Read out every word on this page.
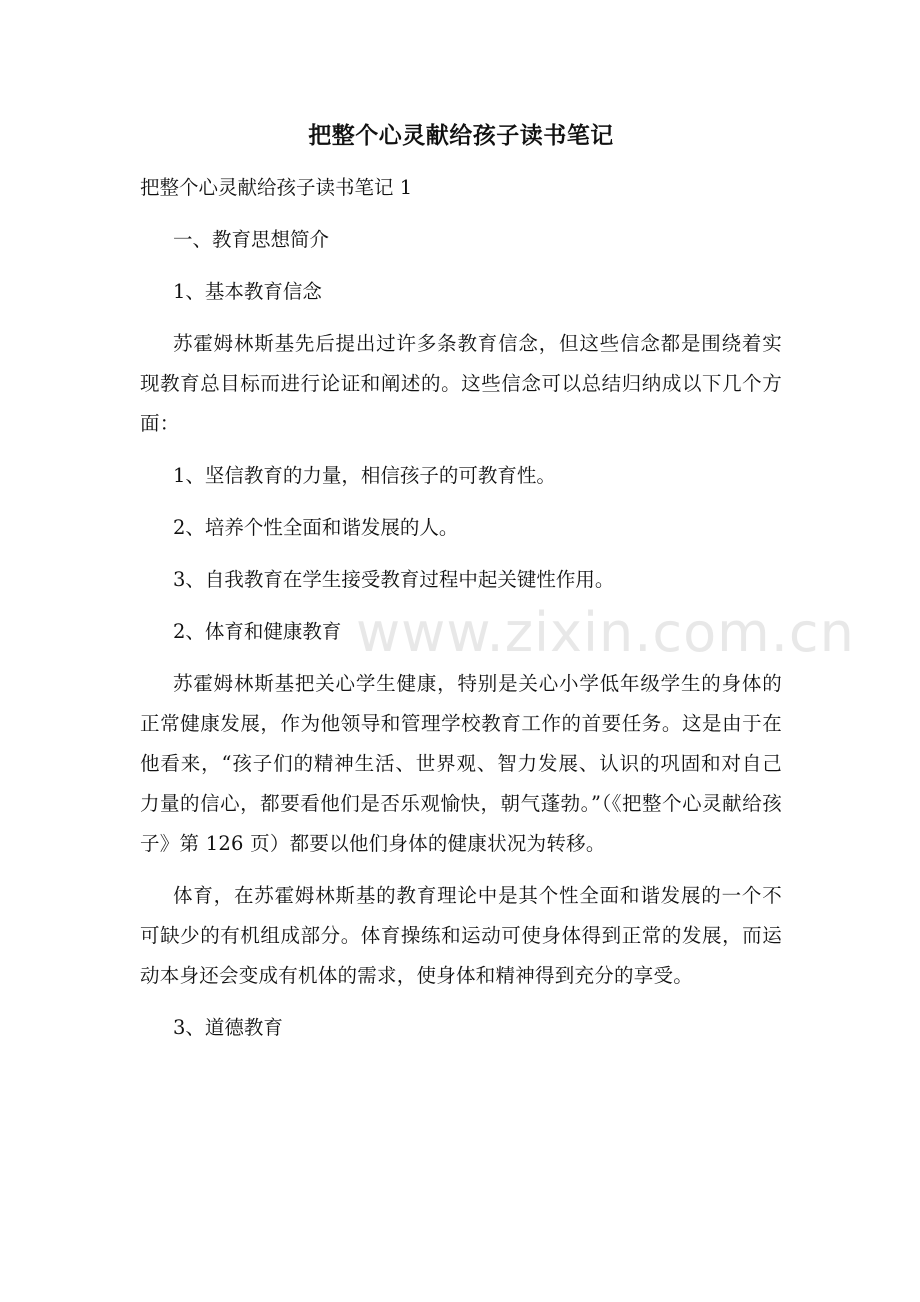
把整个心灵献给孩子读书笔记
把整个心灵献给孩子读书笔记 1
一、教育思想简介
1、基本教育信念
苏霍姆林斯基先后提出过许多条教育信念，但这些信念都是围绕着实现教育总目标而进行论证和阐述的。这些信念可以总结归纳成以下几个方面：
1、坚信教育的力量，相信孩子的可教育性。
2、培养个性全面和谐发展的人。
3、自我教育在学生接受教育过程中起关键性作用。
2、体育和健康教育
苏霍姆林斯基把关心学生健康，特别是关心小学低年级学生的身体的正常健康发展，作为他领导和管理学校教育工作的首要任务。这是由于在他看来，“孩子们的精神生活、世界观、智力发展、认识的巩固和对自己力量的信心，都要看他们是否乐观愉快，朝气蓬勃。”（《把整个心灵献给孩子》第 126 页）都要以他们身体的健康状况为转移。
体育，在苏霍姆林斯基的教育理论中是其个性全面和谐发展的一个不可缺少的有机组成部分。体育操练和运动可使身体得到正常的发展，而运动本身还会变成有机体的需求，使身体和精神得到充分的享受。
3、道德教育
www.zixin.com.cn
